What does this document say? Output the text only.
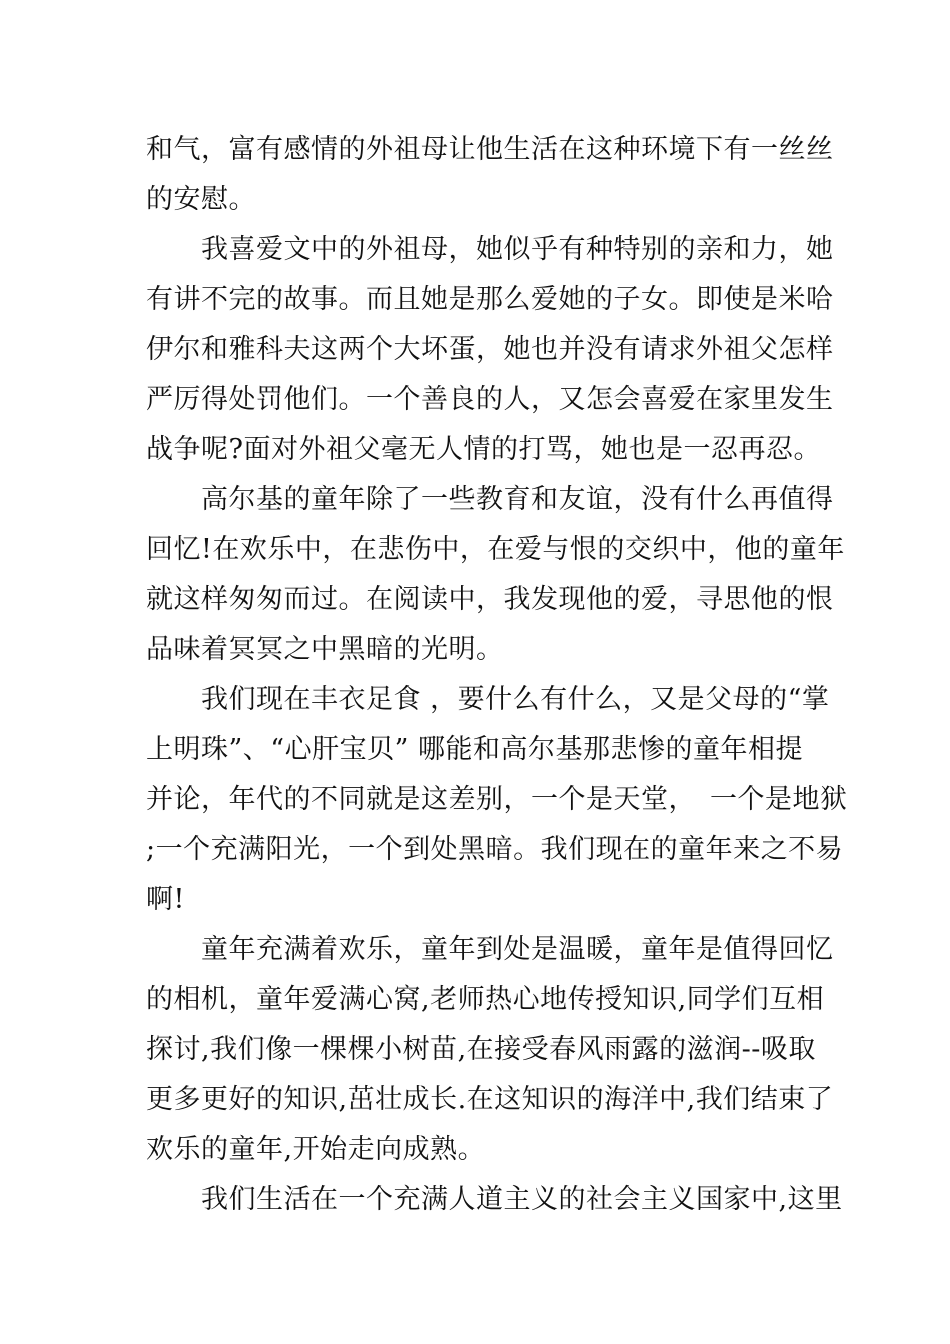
和气，富有感情的外祖母让他生活在这种环境下有一丝丝
的安慰。
　　我喜爱文中的外祖母，她似乎有种特别的亲和力，她
有讲不完的故事。而且她是那么爱她的子女。即使是米哈
伊尔和雅科夫这两个大坏蛋，她也并没有请求外祖父怎样
严厉得处罚他们。一个善良的人，又怎会喜爱在家里发生
战争呢?面对外祖父毫无人情的打骂，她也是一忍再忍。
　　高尔基的童年除了一些教育和友谊，没有什么再值得
回忆!在欢乐中，在悲伤中，在爱与恨的交织中，他的童年
就这样匆匆而过。在阅读中，我发现他的爱，寻思他的恨
品味着冥冥之中黑暗的光明。
　　我们现在丰衣足食 ，要什么有什么，又是父母的“掌
上明珠”、“心肝宝贝” 哪能和高尔基那悲惨的童年相提
并论，年代的不同就是这差别，一个是天堂，　一个是地狱
;一个充满阳光，一个到处黑暗。我们现在的童年来之不易
啊!
　　童年充满着欢乐，童年到处是温暖，童年是值得回忆
的相机，童年爱满心窝,老师热心地传授知识,同学们互相
探讨,我们像一棵棵小树苗,在接受春风雨露的滋润--吸取
更多更好的知识,茁壮成长.在这知识的海洋中,我们结束了
欢乐的童年,开始走向成熟。
　　我们生活在一个充满人道主义的社会主义国家中,这里
